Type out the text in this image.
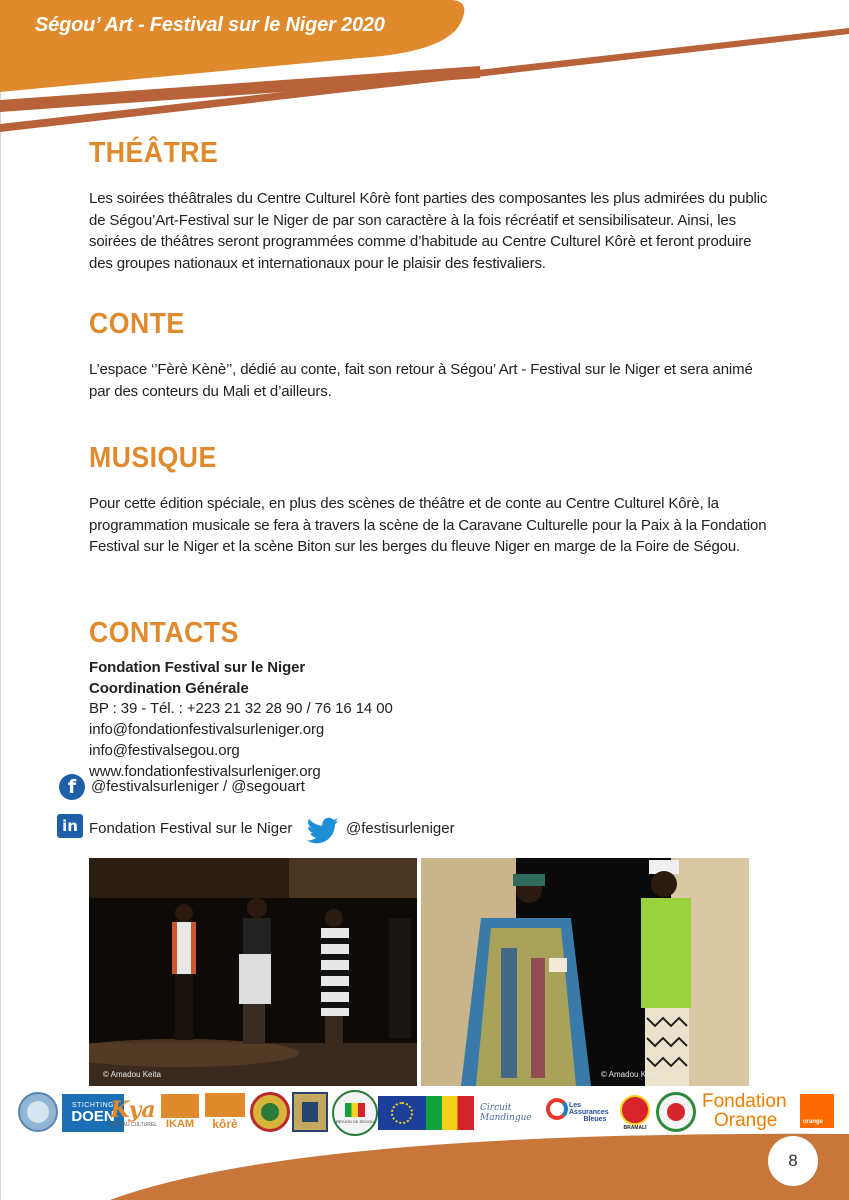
Ségou’ Art - Festival sur le Niger 2020
THÉÂTRE
Les soirées théâtrales du Centre Culturel Kôrè font parties des composantes les plus admirées du public de Ségou’Art-Festival sur le Niger de par son caractère à la fois récréatif et sensibilisateur. Ainsi, les soirées de théâtres seront programmées comme d’habitude au Centre Culturel Kôrè et feront produire des groupes nationaux et internationaux pour le plaisir des festivaliers.
CONTE
L’espace ‘’Fèrè Kènè’’, dédié au conte, fait son retour à Ségou’ Art - Festival sur le Niger et sera animé par des conteurs du Mali et d’ailleurs.
MUSIQUE
Pour cette édition spéciale, en plus des scènes de théâtre et de conte au Centre Culturel Kôrè, la programmation musicale se fera à travers la scène de la Caravane Culturelle pour la Paix à la Fondation Festival sur le Niger et la scène Biton sur les berges du fleuve Niger en marge de la Foire de Ségou.
CONTACTS
Fondation Festival sur le Niger
Coordination Générale
BP : 39 - Tél. : +223 21 32 28 90 / 76 16 14 00
info@fondationfestivalsurleniger.org
info@festivalsegou.org
www.fondationfestivalsurleniger.org
f @festivalsurleniger / @segouart
in Fondation Festival sur le Niger	@festisurleniger
© Amadou Keita	© Amadou Keita
STICHTING
DOEN
Kya
RESEAU CULTUREL IKAM kôrè	RÉGION DE SÉGOU
Circuit Mandingue
Les Assurances
Bleues
BRAMALI
Fondation
Orange	orange
8
